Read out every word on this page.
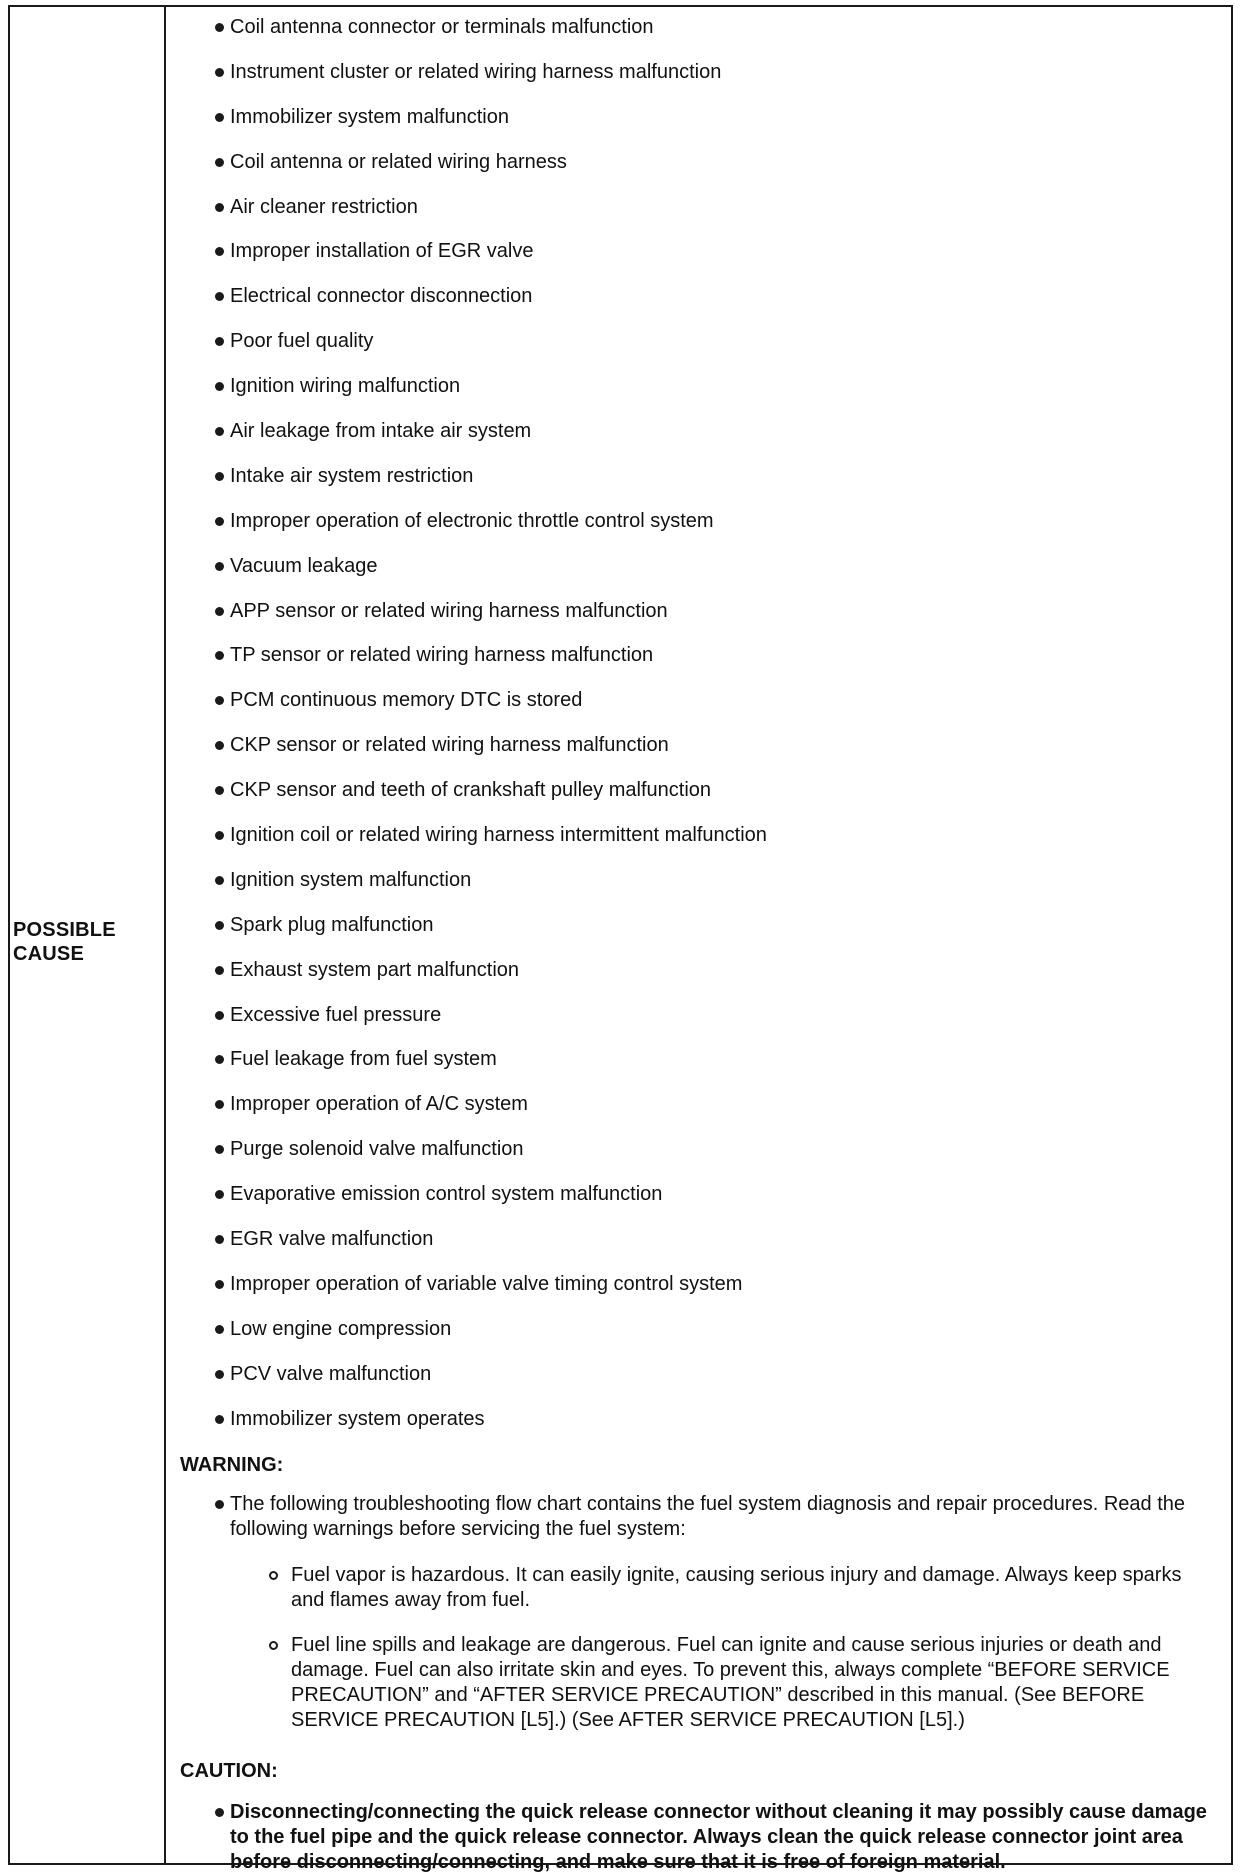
POSSIBLE
CAUSE
Coil antenna connector or terminals malfunction
Instrument cluster or related wiring harness malfunction
Immobilizer system malfunction
Coil antenna or related wiring harness
Air cleaner restriction
Improper installation of EGR valve
Electrical connector disconnection
Poor fuel quality
Ignition wiring malfunction
Air leakage from intake air system
Intake air system restriction
Improper operation of electronic throttle control system
Vacuum leakage
APP sensor or related wiring harness malfunction
TP sensor or related wiring harness malfunction
PCM continuous memory DTC is stored
CKP sensor or related wiring harness malfunction
CKP sensor and teeth of crankshaft pulley malfunction
Ignition coil or related wiring harness intermittent malfunction
Ignition system malfunction
Spark plug malfunction
Exhaust system part malfunction
Excessive fuel pressure
Fuel leakage from fuel system
Improper operation of A/C system
Purge solenoid valve malfunction
Evaporative emission control system malfunction
EGR valve malfunction
Improper operation of variable valve timing control system
Low engine compression
PCV valve malfunction
Immobilizer system operates
WARNING:
The following troubleshooting flow chart contains the fuel system diagnosis and repair procedures. Read the following warnings before servicing the fuel system:
Fuel vapor is hazardous. It can easily ignite, causing serious injury and damage. Always keep sparks and flames away from fuel.
Fuel line spills and leakage are dangerous. Fuel can ignite and cause serious injuries or death and damage. Fuel can also irritate skin and eyes. To prevent this, always complete “BEFORE SERVICE PRECAUTION” and “AFTER SERVICE PRECAUTION” described in this manual. (See BEFORE SERVICE PRECAUTION [L5].) (See AFTER SERVICE PRECAUTION [L5].)
CAUTION:
Disconnecting/connecting the quick release connector without cleaning it may possibly cause damage to the fuel pipe and the quick release connector. Always clean the quick release connector joint area before disconnecting/connecting, and make sure that it is free of foreign material.
